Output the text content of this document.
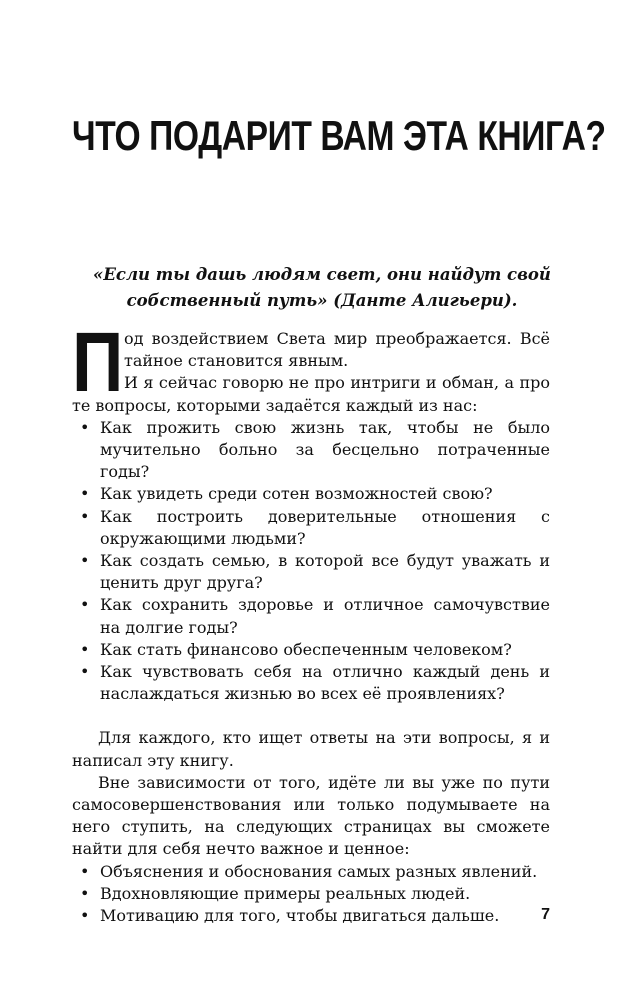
ЧТО ПОДАРИТ ВАМ ЭТА КНИГА?
«Если ты дашь людям свет, они найдут свой
собственный путь» (Данте Алигьери).

Под воздействием Света мир преображается. Всё тайное становится явным.

И я сейчас говорю не про интриги и обман, а про те вопросы, которыми задаётся каждый из нас:

• Как прожить свою жизнь так, чтобы не было мучительно больно за бесцельно потраченные годы?
• Как увидеть среди сотен возможностей свою?
• Как построить доверительные отношения с окружающими людьми?
• Как создать семью, в которой все будут уважать и ценить друг друга?
• Как сохранить здоровье и отличное самочувствие на долгие годы?
• Как стать финансово обеспеченным человеком?
• Как чувствовать себя на отлично каждый день и наслаждаться жизнью во всех её проявлениях?

Для каждого, кто ищет ответы на эти вопросы, я и написал эту книгу.

Вне зависимости от того, идёте ли вы уже по пути самосовершенствования или только подумываете на него ступить, на следующих страницах вы сможете найти для себя нечто важное и ценное:

• Объяснения и обоснования самых разных явлений.
• Вдохновляющие примеры реальных людей.
• Мотивацию для того, чтобы двигаться дальше.	7
